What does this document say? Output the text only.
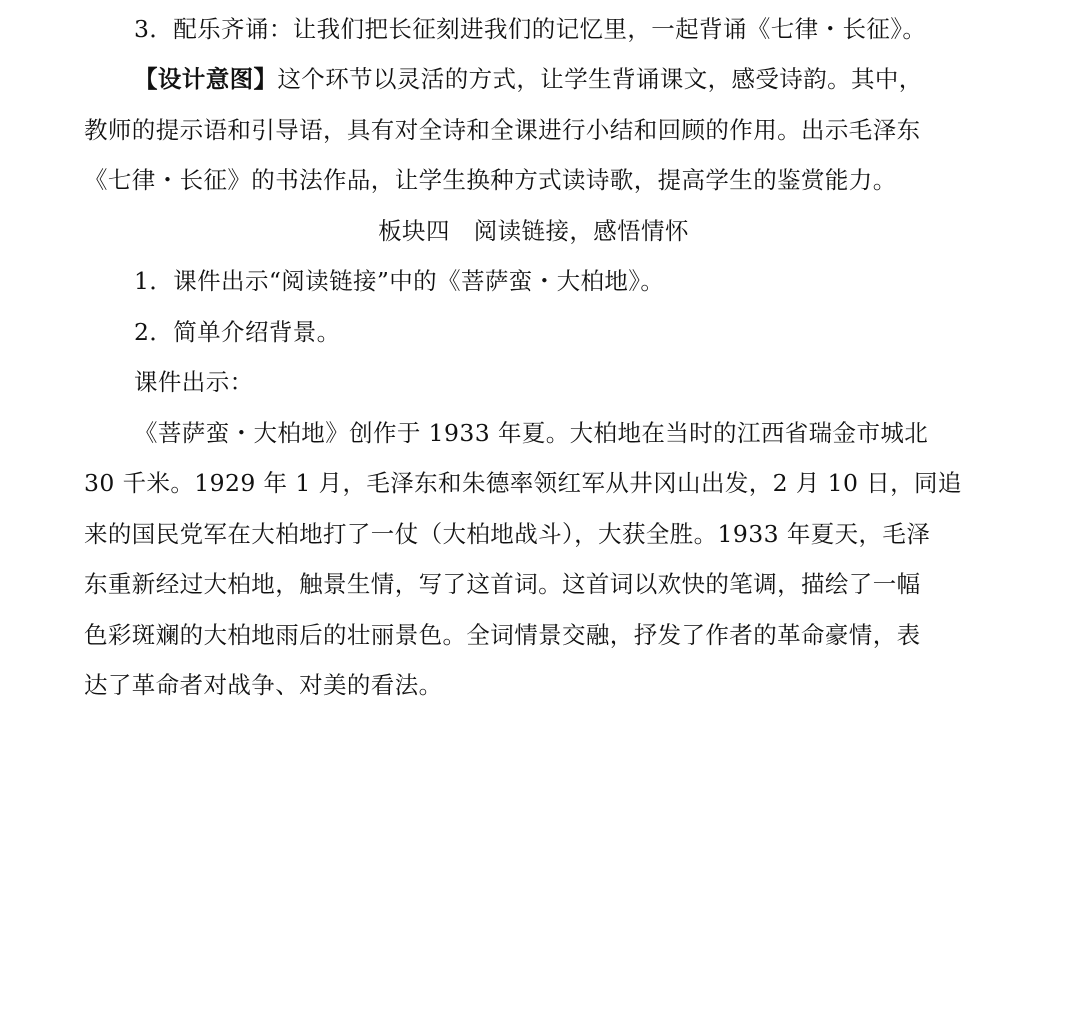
3．配乐齐诵：让我们把长征刻进我们的记忆里，一起背诵《七律・长征》。
【设计意图】这个环节以灵活的方式，让学生背诵课文，感受诗韵。其中，
教师的提示语和引导语，具有对全诗和全课进行小结和回顾的作用。出示毛泽东
《七律・长征》的书法作品，让学生换种方式读诗歌，提高学生的鉴赏能力。
板块四　阅读链接，感悟情怀
1．课件出示“阅读链接”中的《菩萨蛮・大柏地》。
2．简单介绍背景。
课件出示：
《菩萨蛮・大柏地》创作于 1933 年夏。大柏地在当时的江西省瑞金市城北
30 千米。1929 年 1 月，毛泽东和朱德率领红军从井冈山出发，2 月 10 日，同追
来的国民党军在大柏地打了一仗（大柏地战斗），大获全胜。1933 年夏天，毛泽
东重新经过大柏地，触景生情，写了这首词。这首词以欢快的笔调，描绘了一幅
色彩斑斓的大柏地雨后的壮丽景色。全词情景交融，抒发了作者的革命豪情，表
达了革命者对战争、对美的看法。
